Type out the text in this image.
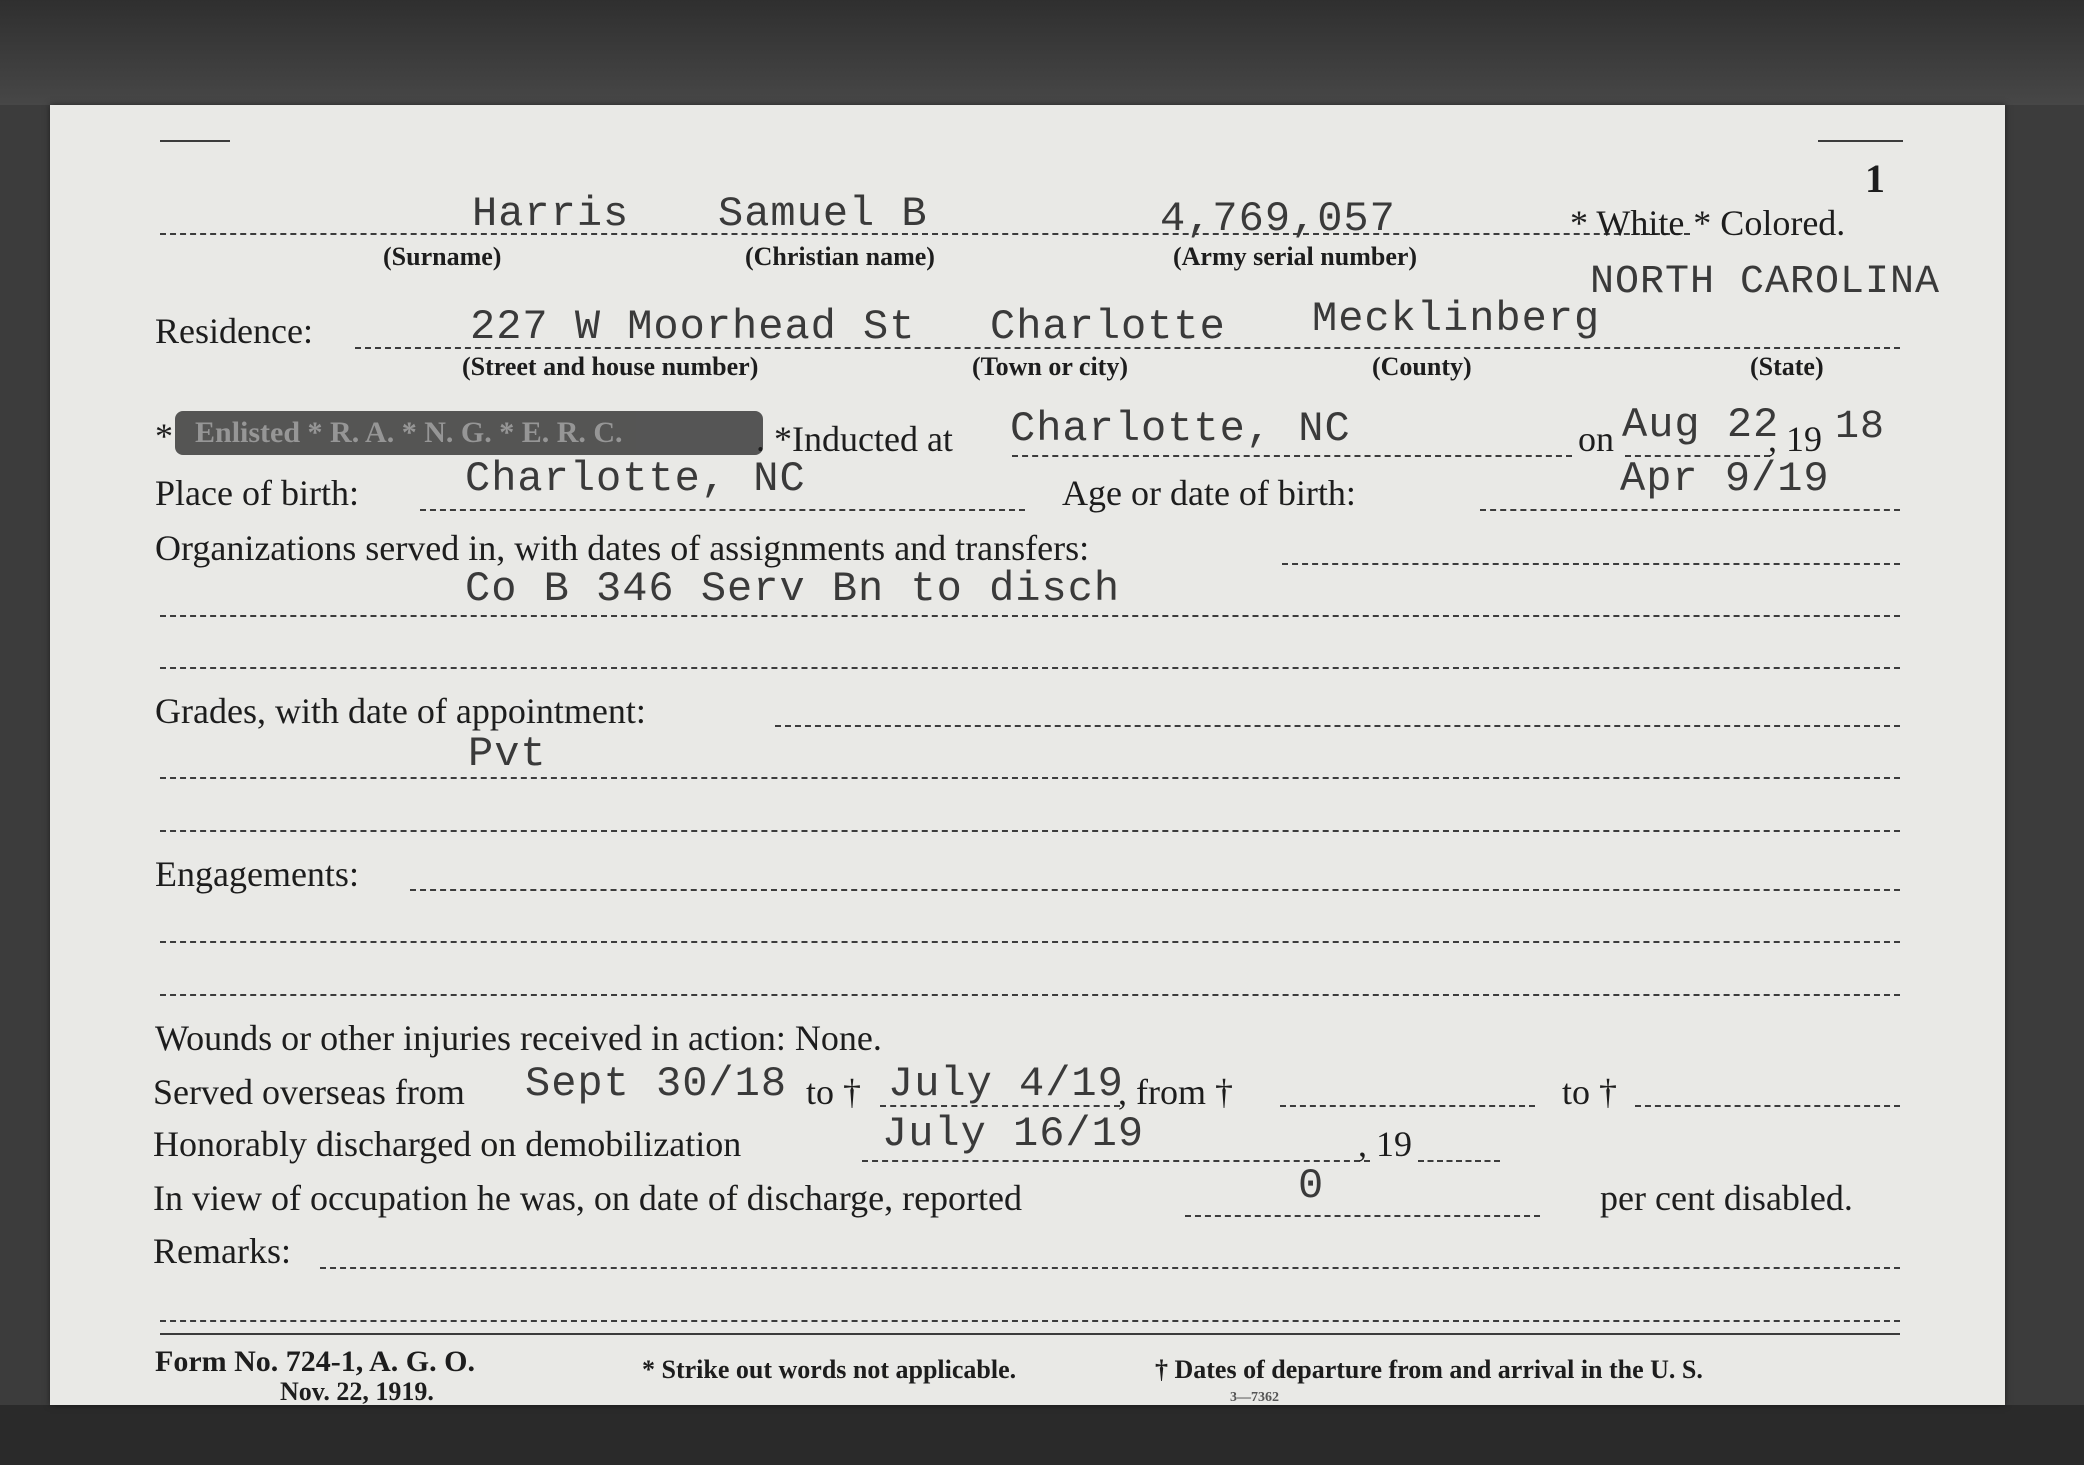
1
Harris Samuel B	4,769,057	* White * Colored.
(Surname)	(Christian name)	(Army serial number)
NORTH CAROLINA
Residence:	227 W Moorhead St Charlotte Mecklinberg
(Street and house number)	(Town or city)	(County)	(State)
* Enlisted * R. A. * N. G. * E. R. C.	. *Inducted at Charlotte, NC	on Aug 22
, 19 18
Place of birth:	Charlotte, NC	Age or date of birth:	Apr 9/19
Organizations served in, with dates of assignments and transfers:
Co B 346 Serv Bn to disch
Grades, with date of appointment:
Pvt
Engagements:
Wounds or other injuries received in action: None.
Served overseas from Sept 30/18 to † July 4/19
, from †	to †
Honorably discharged on demobilization	July 16/19	, 19
In view of occupation he was, on date of discharge, reported	0	per cent disabled.
Remarks:
Form No. 724-1, A. G. O.
Nov. 22, 1919.
* Strike out words not applicable.	† Dates of departure from and arrival in the U. S.
3—7362
